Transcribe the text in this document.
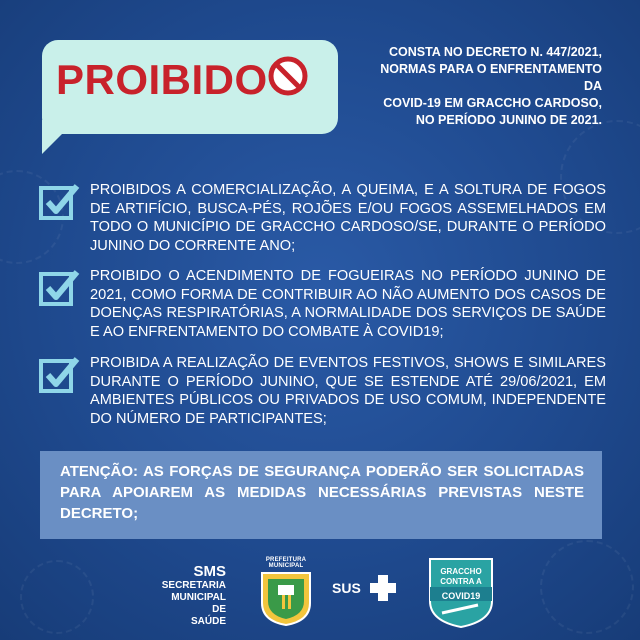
PROIBIDO
CONSTA NO DECRETO N. 447/2021,
NORMAS PARA O ENFRENTAMENTO DA
COVID-19 EM GRACCHO CARDOSO,
NO PERÍODO JUNINO DE 2021.
PROIBIDOS A COMERCIALIZAÇÃO, A QUEIMA, E A SOLTURA DE FOGOS DE ARTIFÍCIO, BUSCA-PÉS, ROJÕES E/OU FOGOS ASSEMELHADOS EM TODO O MUNICÍPIO DE GRACCHO CARDOSO/SE, DURANTE O PERÍODO JUNINO DO CORRENTE ANO;
PROIBIDO O ACENDIMENTO DE FOGUEIRAS NO PERÍODO JUNINO DE 2021, COMO FORMA DE CONTRIBUIR AO NÃO AUMENTO DOS CASOS DE DOENÇAS RESPIRATÓRIAS, A NORMALIDADE DOS SERVIÇOS DE SAÚDE E AO ENFRENTAMENTO DO COMBATE À COVID19;
PROIBIDA A REALIZAÇÃO DE EVENTOS FESTIVOS, SHOWS E SIMILARES DURANTE O PERÍODO JUNINO, QUE SE ESTENDE ATÉ 29/06/2021, EM AMBIENTES PÚBLICOS OU PRIVADOS DE USO COMUM, INDEPENDENTE DO NÚMERO DE PARTICIPANTES;
ATENÇÃO: AS FORÇAS DE SEGURANÇA PODERÃO SER SOLICITADAS PARA APOIAREM AS MEDIDAS NECESSÁRIAS PREVISTAS NESTE DECRETO;
SMS
SECRETARIA
MUNICIPAL DE
SAÚDE
PREFEITURA MUNICIPAL
SUS
GRACCHO
CONTRA A
COVID19
